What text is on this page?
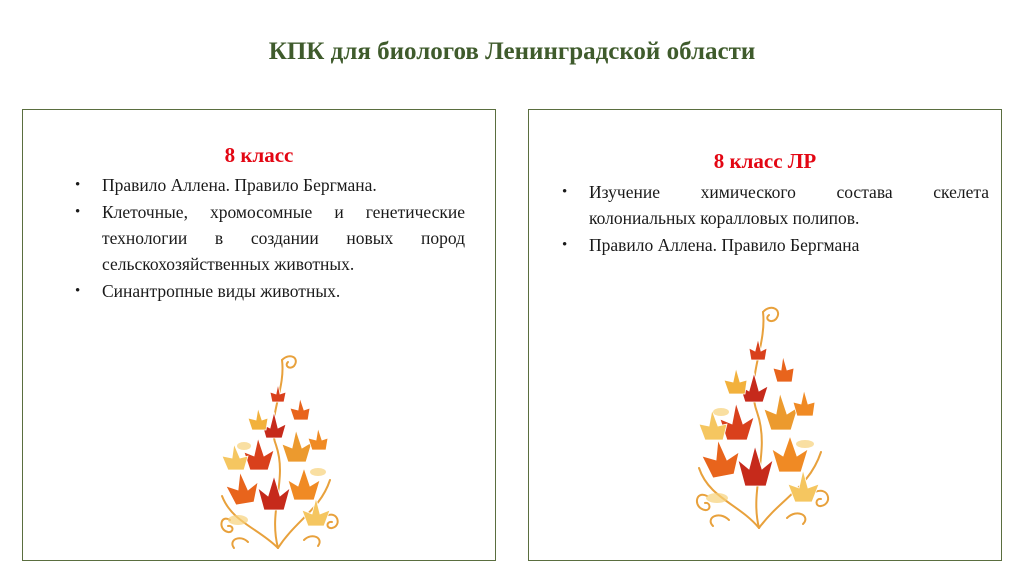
КПК для биологов Ленинградской области
8 класс
• Правило Аллена. Правило Бергмана.
• Клеточные, хромосомные и генетические технологии в создании новых пород сельскохозяйственных животных.
• Синантропные виды животных.
8 класс ЛР
• Изучение химического состава скелета колониальных коралловых полипов.
• Правило Аллена. Правило Бергмана
